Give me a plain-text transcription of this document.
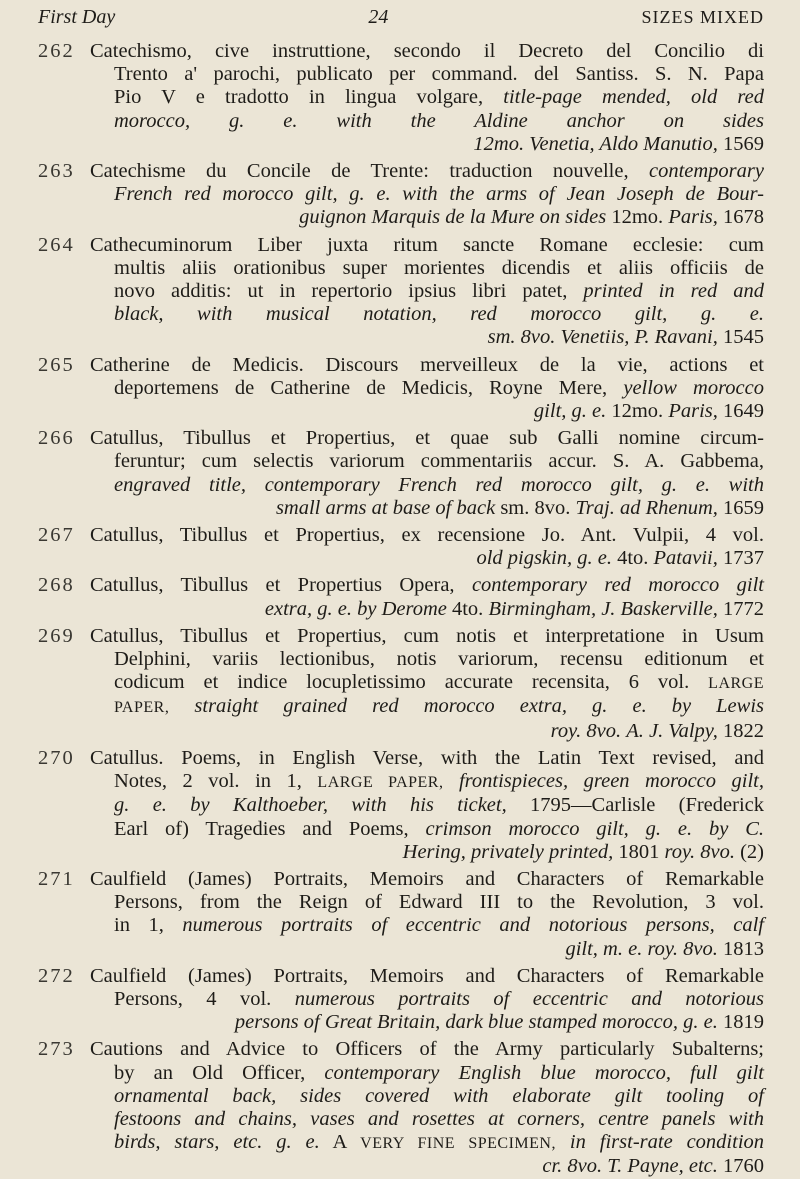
First Day	24	SIZES MIXED
262 Catechismo, cive instruttione, secondo il Decreto del Concilio di
Trento a' parochi, publicato per command. del Santiss. S. N. Papa
Pio V e tradotto in lingua volgare, title-page mended, old red
morocco, g. e. with the Aldine anchor on sides
12mo. Venetia, Aldo Manutio, 1569
263 Catechisme du Concile de Trente: traduction nouvelle, contemporary
French red morocco gilt, g. e. with the arms of Jean Joseph de Bour-
guignon Marquis de la Mure on sides 12mo. Paris, 1678
264 Cathecuminorum Liber juxta ritum sancte Romane ecclesie: cum
multis aliis orationibus super morientes dicendis et aliis officiis de
novo additis: ut in repertorio ipsius libri patet, printed in red and
black, with musical notation, red morocco gilt, g. e.
sm. 8vo. Venetiis, P. Ravani, 1545
265 Catherine de Medicis. Discours merveilleux de la vie, actions et
deportemens de Catherine de Medicis, Royne Mere, yellow morocco
gilt, g. e. 12mo. Paris, 1649
266 Catullus, Tibullus et Propertius, et quae sub Galli nomine circum-
feruntur; cum selectis variorum commentariis accur. S. A. Gabbema,
engraved title, contemporary French red morocco gilt, g. e. with
small arms at base of back sm. 8vo. Traj. ad Rhenum, 1659
267 Catullus, Tibullus et Propertius, ex recensione Jo. Ant. Vulpii, 4 vol.
old pigskin, g. e. 4to. Patavii, 1737
268 Catullus, Tibullus et Propertius Opera, contemporary red morocco gilt
extra, g. e. by Derome 4to. Birmingham, J. Baskerville, 1772
269 Catullus, Tibullus et Propertius, cum notis et interpretatione in Usum
Delphini, variis lectionibus, notis variorum, recensu editionum et
codicum et indice locupletissimo accurate recensita, 6 vol. LARGE
PAPER, straight grained red morocco extra, g. e. by Lewis
roy. 8vo. A. J. Valpy, 1822
270 Catullus. Poems, in English Verse, with the Latin Text revised, and
Notes, 2 vol. in 1, LARGE PAPER, frontispieces, green morocco gilt,
g. e. by Kalthoeber, with his ticket, 1795—Carlisle (Frederick
Earl of) Tragedies and Poems, crimson morocco gilt, g. e. by C.
Hering, privately printed, 1801 roy. 8vo. (2)
271 Caulfield (James) Portraits, Memoirs and Characters of Remarkable
Persons, from the Reign of Edward III to the Revolution, 3 vol.
in 1, numerous portraits of eccentric and notorious persons, calf
gilt, m. e. roy. 8vo. 1813
272 Caulfield (James) Portraits, Memoirs and Characters of Remarkable
Persons, 4 vol. numerous portraits of eccentric and notorious
persons of Great Britain, dark blue stamped morocco, g. e. 1819
273 Cautions and Advice to Officers of the Army particularly Subalterns;
by an Old Officer, contemporary English blue morocco, full gilt
ornamental back, sides covered with elaborate gilt tooling of
festoons and chains, vases and rosettes at corners, centre panels with
birds, stars, etc. g. e. A VERY FINE SPECIMEN, in first-rate condition
cr. 8vo. T. Payne, etc. 1760
